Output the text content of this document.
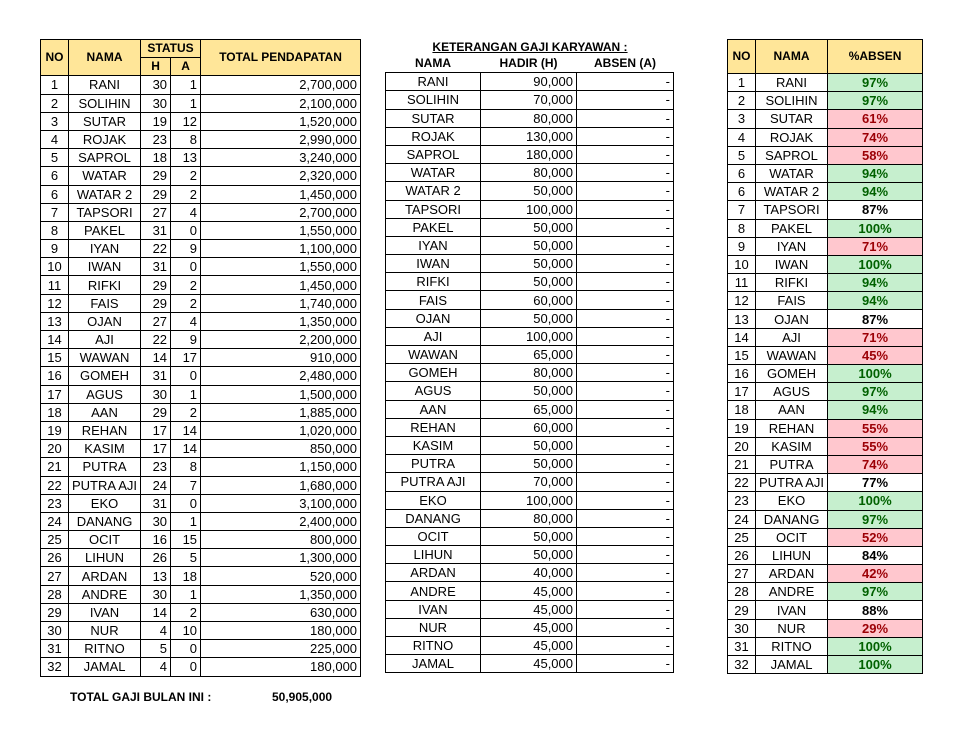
NO	NAMA	STATUS		TOTAL PENDAPATAN
		H	A	
1	RANI	30	1	2,700,000
2	SOLIHIN	30	1	2,100,000
3	SUTAR	19	12	1,520,000
4	ROJAK	23	8	2,990,000
5	SAPROL	18	13	3,240,000
6	WATAR	29	2	2,320,000
6	WATAR 2	29	2	1,450,000
7	TAPSORI	27	4	2,700,000
8	PAKEL	31	0	1,550,000
9	IYAN	22	9	1,100,000
10	IWAN	31	0	1,550,000
11	RIFKI	29	2	1,450,000
12	FAIS	29	2	1,740,000
13	OJAN	27	4	1,350,000
14	AJI	22	9	2,200,000
15	WAWAN	14	17	910,000
16	GOMEH	31	0	2,480,000
17	AGUS	30	1	1,500,000
18	AAN	29	2	1,885,000
19	REHAN	17	14	1,020,000
20	KASIM	17	14	850,000
21	PUTRA	23	8	1,150,000
22	PUTRA AJI	24	7	1,680,000
23	EKO	31	0	3,100,000
24	DANANG	30	1	2,400,000
25	OCIT	16	15	800,000
26	LIHUN	26	5	1,300,000
27	ARDAN	13	18	520,000
28	ANDRE	30	1	1,350,000
29	IVAN	14	2	630,000
30	NUR	4	10	180,000
31	RITNO	5	0	225,000
32	JAMAL	4	0	180,000
KETERANGAN GAJI KARYAWAN :
NAMA	HADIR (H)	ABSEN (A)
RANI	90,000	-
SOLIHIN	70,000	-
SUTAR	80,000	-
ROJAK	130,000	-
SAPROL	180,000	-
WATAR	80,000	-
WATAR 2	50,000	-
TAPSORI	100,000	-
PAKEL	50,000	-
IYAN	50,000	-
IWAN	50,000	-
RIFKI	50,000	-
FAIS	60,000	-
OJAN	50,000	-
AJI	100,000	-
WAWAN	65,000	-
GOMEH	80,000	-
AGUS	50,000	-
AAN	65,000	-
REHAN	60,000	-
KASIM	50,000	-
PUTRA	50,000	-
PUTRA AJI	70,000	-
EKO	100,000	-
DANANG	80,000	-
OCIT	50,000	-
LIHUN	50,000	-
ARDAN	40,000	-
ANDRE	45,000	-
IVAN	45,000	-
NUR	45,000	-
RITNO	45,000	-
JAMAL	45,000	-
NO	NAMA	%ABSEN
1	RANI	97%
2	SOLIHIN	97%
3	SUTAR	61%
4	ROJAK	74%
5	SAPROL	58%
6	WATAR	94%
6	WATAR 2	94%
7	TAPSORI	87%
8	PAKEL	100%
9	IYAN	71%
10	IWAN	100%
11	RIFKI	94%
12	FAIS	94%
13	OJAN	87%
14	AJI	71%
15	WAWAN	45%
16	GOMEH	100%
17	AGUS	97%
18	AAN	94%
19	REHAN	55%
20	KASIM	55%
21	PUTRA	74%
22	PUTRA AJI	77%
23	EKO	100%
24	DANANG	97%
25	OCIT	52%
26	LIHUN	84%
27	ARDAN	42%
28	ANDRE	97%
29	IVAN	88%
30	NUR	29%
31	RITNO	100%
32	JAMAL	100%
TOTAL GAJI BULAN INI :	50,905,000
